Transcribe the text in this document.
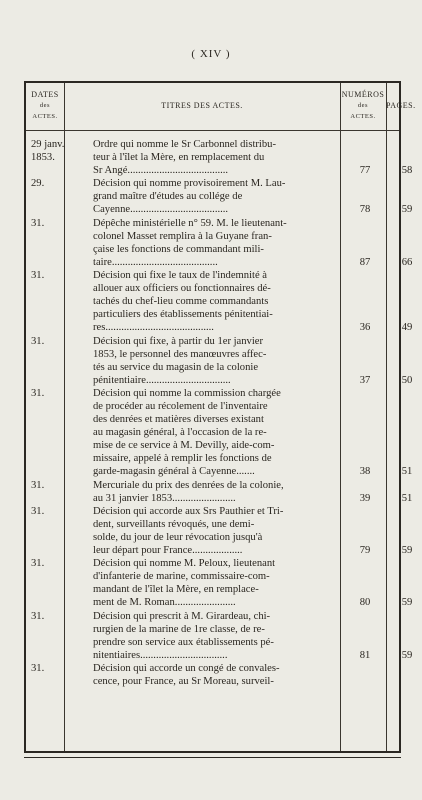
( XIV )
DATES
des
ACTES.
TITRES DES ACTES.
NUMÉROS
des
ACTES.
PAGES.
29 janv.
1853.
Ordre qui nomme le Sr Carbonnel distribu-
teur à l'îlet la Mère, en remplacement du
Sr Angé......................................	77	58
29.	Décision qui nomme provisoirement M. Lau-
grand maître d'études au collége de
Cayenne.....................................	78	59
31.	Dépêche ministérielle n° 59. M. le lieutenant-
colonel Masset remplira à la Guyane fran-
çaise les fonctions de commandant mili-
taire........................................	87	66
31.	Décision qui fixe le taux de l'indemnité à
allouer aux officiers ou fonctionnaires dé-
tachés du chef-lieu comme commandants
particuliers des établissements pénitentiai-
res.........................................	36	49
31.	Décision qui fixe, à partir du 1er janvier
1853, le personnel des manœuvres affec-
tés au service du magasin de la colonie
pénitentiaire................................	37	50
31.	Décision qui nomme la commission chargée
de procéder au récolement de l'inventaire
des denrées et matières diverses existant
au magasin général, à l'occasion de la re-
mise de ce service à M. Devilly, aide-com-
missaire, appelé à remplir les fonctions de
garde-magasin général à Cayenne.......	38	51
31.	Mercuriale du prix des denrées de la colonie,
au 31 janvier 1853........................	39	51
31.	Décision qui accorde aux Srs Pauthier et Tri-
dent, surveillants révoqués, une demi-
solde, du jour de leur révocation jusqu'à
leur départ pour France...................	79	59
31.	Décision qui nomme M. Peloux, lieutenant
d'infanterie de marine, commissaire-com-
mandant de l'îlet la Mère, en remplace-
ment de M. Roman.......................	80	59
31.	Décision qui prescrit à M. Girardeau, chi-
rurgien de la marine de 1re classe, de re-
prendre son service aux établissements pé-
nitentiaires.................................	81	59
31.	Décision qui accorde un congé de convales-
cence, pour France, au Sr Moreau, surveil-
